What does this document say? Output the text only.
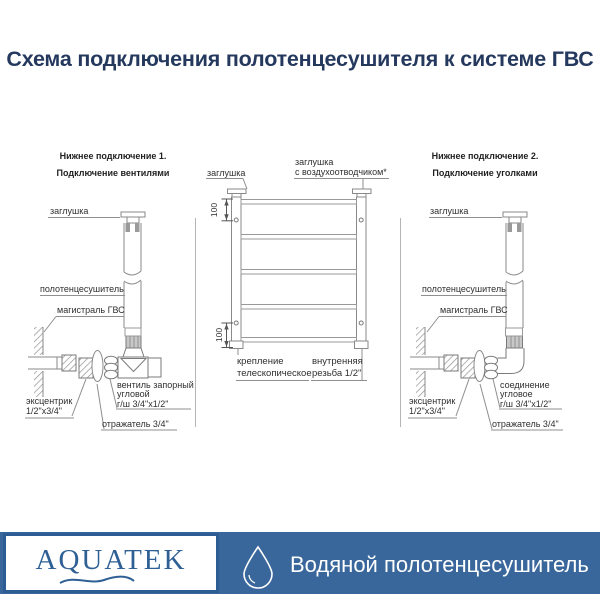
Схема подключения полотенцесушителя к системе ГВС
Нижнее подключение 1.
Подключение вентилями
заглушка
полотенцесушитель
магистраль ГВС
вентиль запорный
угловой
г/ш 3/4"х1/2"
эксцентрик
1/2"х3/4"
отражатель 3/4"
заглушка
заглушка
с воздухоотводчиком*
100
100
крепление
телескопическое
внутренняя
резьба 1/2"
Нижнее подключение 2.
Подключение уголками
заглушка
полотенцесушитель
магистраль ГВС
соединение
угловое
г/ш 3/4"х1/2"
эксцентрик
1/2"х3/4"
отражатель 3/4"
AQUATEK	Водяной полотенцесушитель
